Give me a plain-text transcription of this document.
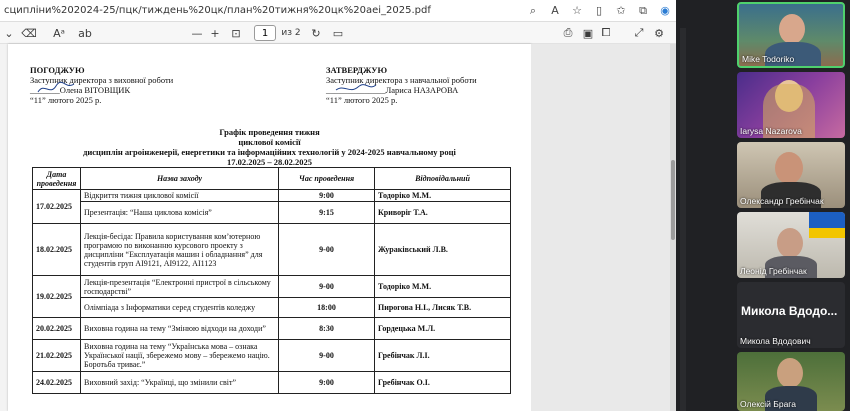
сципліни%202024-25/пцк/тиждень%20цк/план%20тижня%20цк%20aei_2025.pdf	⌕	A	☆	▯	✩	⧉	◉
⌄ ⌫	Aᵃ	ab	— +	⊡
1	из 2 ↻	▭	⎙ ▣ ⧠	⤢ ⚙
ПОГОДЖУЮ
Заступник директора з виховної роботи
_______Олена ВІТОВЩИК
“11” лютого 2025 р.
ЗАТВЕРДЖУЮ
Заступник директора з навчальної роботи
______________Лариса НАЗАРОВА
“11” лютого 2025 р.
Графік проведення тижня
циклової комісії
дисциплін агроінженерії, енергетики та інформаційних технологій у 2024-2025 навчальному році
17.02.2025 – 28.02.2025
Дата проведення	Назва заходу	Час проведення	Відповідальний
17.02.2025	Відкриття тижня циклової комісії	9:00	Тодоріко М.М.
	Презентація: “Наша циклова комісія”	9:15	Криворіг Т.А.
18.02.2025	Лекція-бесіда: Правила користування ком’ютерною програмою по виконанню курсового проекту з дисципліни “Експлуатація машин і обладнання” для студентів груп АІ9121, АІ9122, АІ1123	9-00	Жураківський Л.В.
19.02.2025	Лекція-презентація “Електронні пристрої в сільському господарстві”	9-00	Тодоріко М.М.
	Олімпіада з Інформатики серед студентів коледжу	18:00	Пирогова Н.І., Лисяк Т.В.
20.02.2025	Виховна година на тему “Змінюю відходи на доходи”	8:30	Гордецька М.Л.
21.02.2025	Виховна година на тему “Українська мова – ознака Української нації, збережемо мову – збережемо націю. Боротьба триває.”	9-00	Гребінчак Л.І.
24.02.2025	Виховний захід: “Українці, що змінили світ”	9:00	Гребінчак О.І.
Mike Todoriko
Iarysa Nazarova
Олександр Гребінчак
Леонід Гребінчак
Микола Вдодо...
Микола Вдодович
Олексій Брага
